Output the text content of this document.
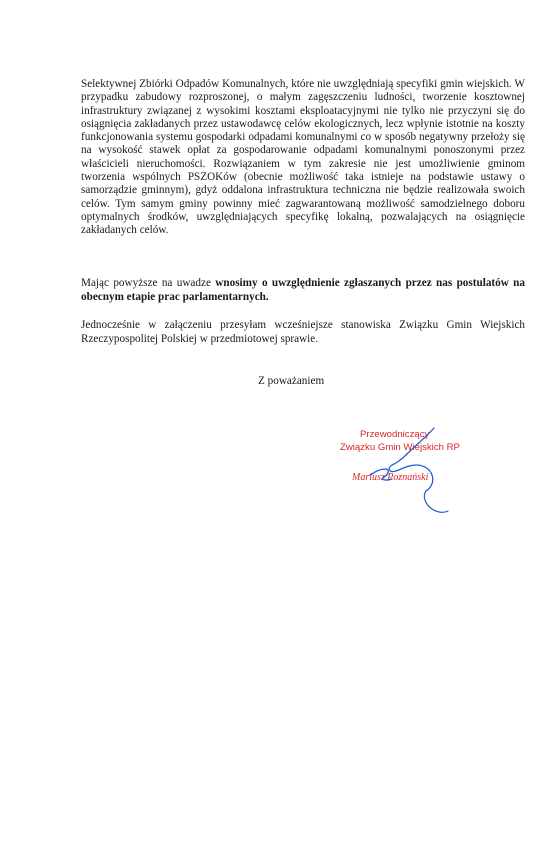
Selektywnej Zbiórki Odpadów Komunalnych, które nie uwzględniają specyfiki gmin wiejskich. W przypadku zabudowy rozproszonej, o małym zagęszczeniu ludności, tworzenie kosztownej infrastruktury związanej z wysokimi kosztami eksploatacyjnymi nie tylko nie przyczyni się do osiągnięcia zakładanych przez ustawodawcę celów ekologicznych, lecz wpłynie istotnie na koszty funkcjonowania systemu gospodarki odpadami komunalnymi co w sposób negatywny przełoży się na wysokość stawek opłat za gospodarowanie odpadami komunalnymi ponoszonymi przez właścicieli nieruchomości. Rozwiązaniem w tym zakresie nie jest umożliwienie gminom tworzenia wspólnych PSZOKów (obecnie możliwość taka istnieje na podstawie ustawy o samorządzie gminnym), gdyż oddalona infrastruktura techniczna nie będzie realizowała swoich celów. Tym samym gminy powinny mieć zagwarantowaną możliwość samodzielnego doboru optymalnych środków, uwzględniających specyfikę lokalną, pozwalających na osiągnięcie zakładanych celów.

Mając powyższe na uwadze wnosimy o uwzględnienie zgłaszanych przez nas postulatów na obecnym etapie prac parlamentarnych.

Jednocześnie w załączeniu przesyłam wcześniejsze stanowiska Związku Gmin Wiejskich Rzeczypospolitej Polskiej w przedmiotowej sprawie.

Z poważaniem
Przewodniczący
Związku Gmin Wiejskich RP
Mariusz Poznański
